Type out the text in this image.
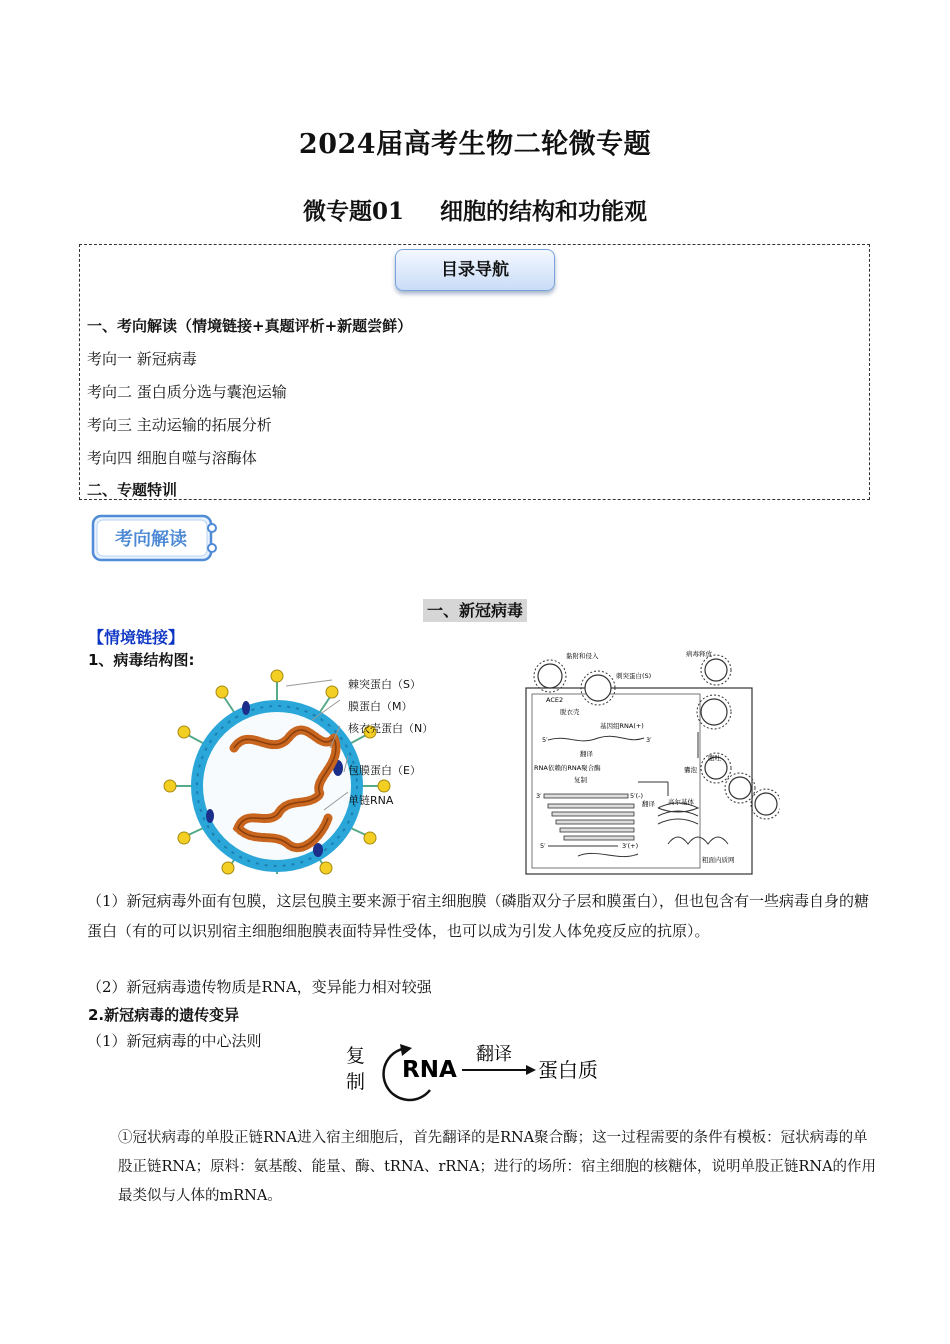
2024届高考生物二轮微专题
微专题01 细胞的结构和功能观
目录导航
一、考向解读（情境链接+真题评析+新题尝鲜）
考向一 新冠病毒
考向二 蛋白质分选与囊泡运输
考向三 主动运输的拓展分析
考向四 细胞自噬与溶酶体
二、专题特训
考向解读
一、新冠病毒
【情境链接】
1、病毒结构图:
棘突蛋白（S）
膜蛋白（M）
核衣壳蛋白（N）
包膜蛋白（E）
单链RNA
黏附和侵入
刺突蛋白(S)
病毒释放
ACE2
脱衣壳
基因组RNA(+)
5′	3′
翻译
RNA依赖的RNA聚合酶
复制
3′	5′(-)
翻译
5′	3′(+)
胞吐
囊泡
高尔基体
粗面内质网
（1）新冠病毒外面有包膜，这层包膜主要来源于宿主细胞膜（磷脂双分子层和膜蛋白），但也包含有一些病毒自身的糖蛋白（有的可以识别宿主细胞细胞膜表面特异性受体，也可以成为引发人体免疫反应的抗原）。
（2）新冠病毒遗传物质是RNA，变异能力相对较强
2.新冠病毒的遗传变异
（1）新冠病毒的中心法则
复
制 RNA
翻译
蛋白质
①冠状病毒的单股正链RNA进入宿主细胞后，首先翻译的是RNA聚合酶；这一过程需要的条件有模板：冠状病毒的单股正链RNA；原料：氨基酸、能量、酶、tRNA、rRNA；进行的场所：宿主细胞的核糖体，说明单股正链RNA的作用最类似与人体的mRNA。
